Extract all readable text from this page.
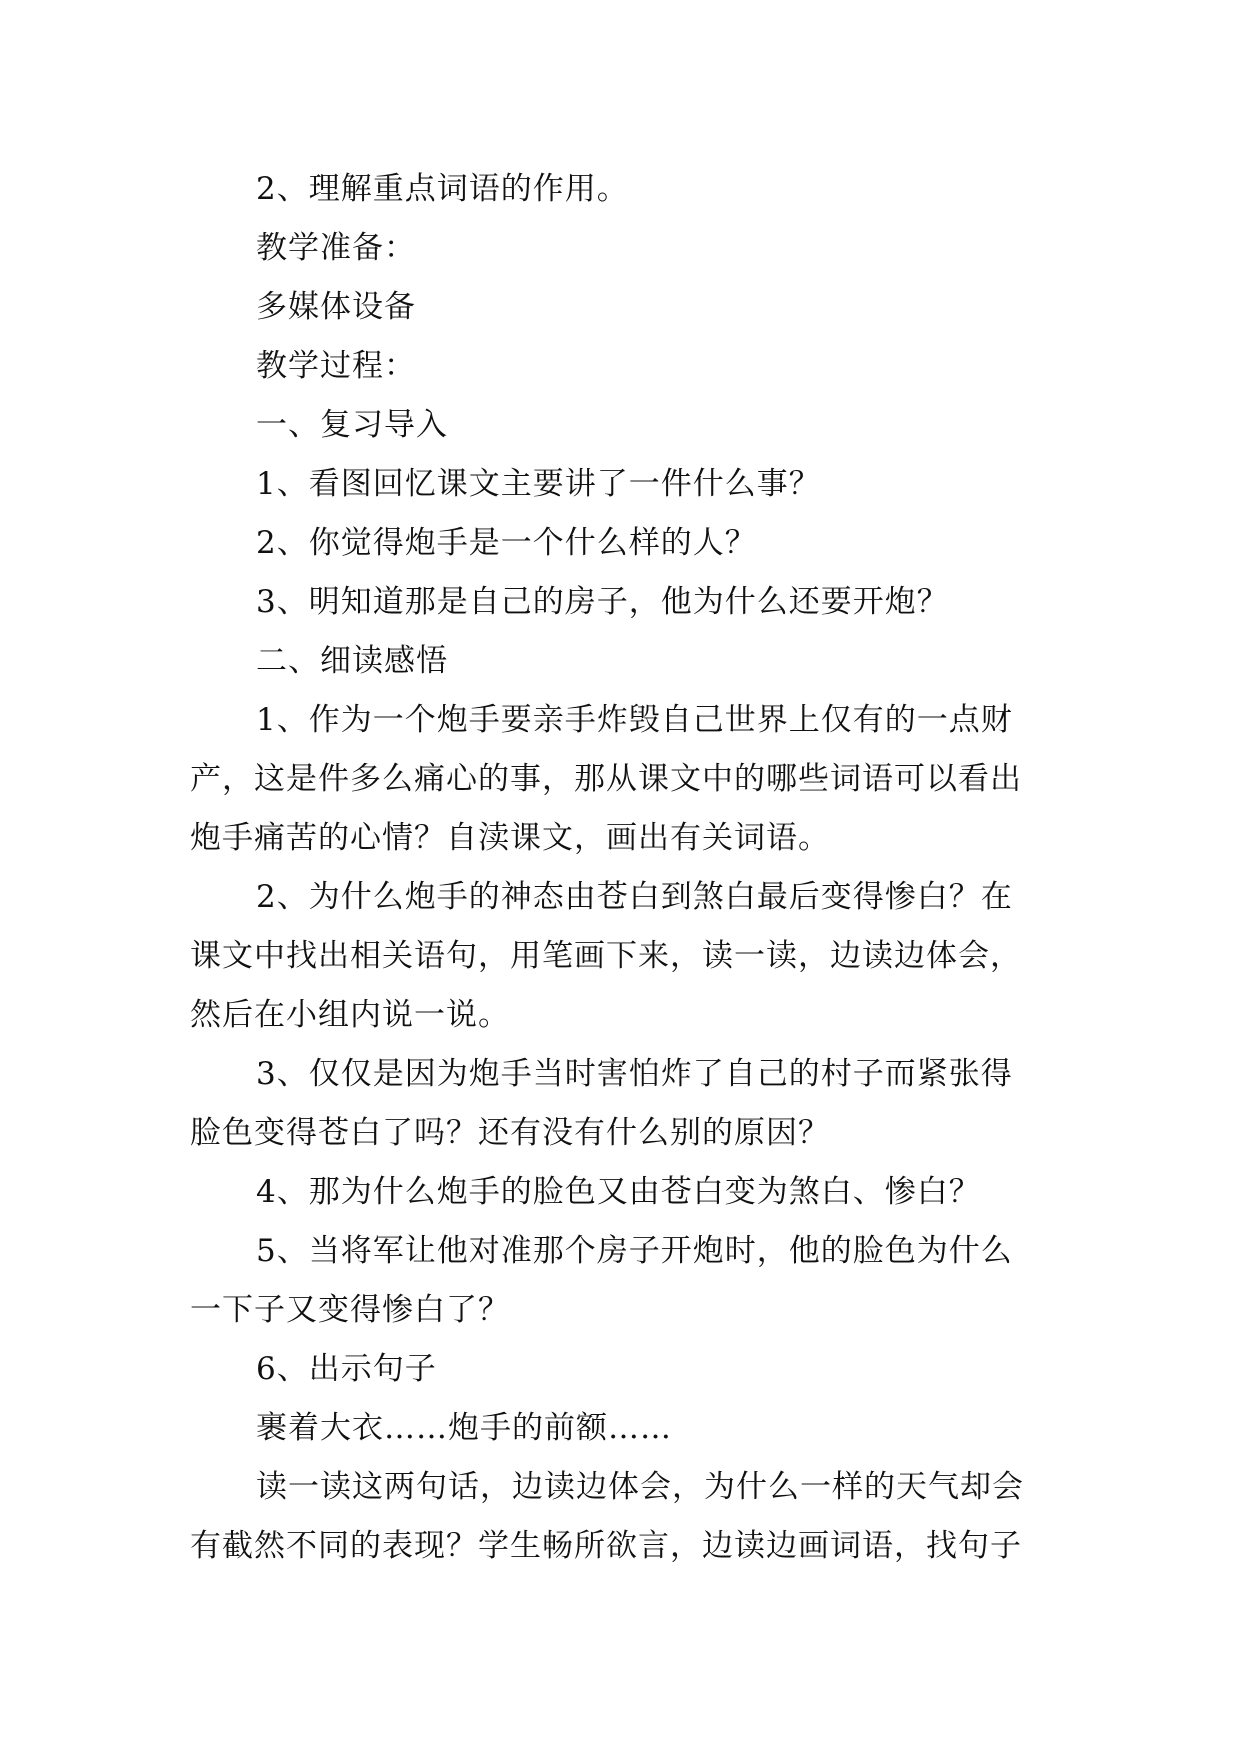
2、理解重点词语的作用。
教学准备：
多媒体设备
教学过程：
一、复习导入
1、看图回忆课文主要讲了一件什么事？
2、你觉得炮手是一个什么样的人？
3、明知道那是自己的房子，他为什么还要开炮？
二、细读感悟
1、作为一个炮手要亲手炸毁自己世界上仅有的一点财
产，这是件多么痛心的事，那从课文中的哪些词语可以看出
炮手痛苦的心情？自渎课文，画出有关词语。
2、为什么炮手的神态由苍白到煞白最后变得惨白？在
课文中找出相关语句，用笔画下来，读一读，边读边体会，
然后在小组内说一说。
3、仅仅是因为炮手当时害怕炸了自己的村子而紧张得
脸色变得苍白了吗？还有没有什么别的原因？
4、那为什么炮手的脸色又由苍白变为煞白、惨白？
5、当将军让他对准那个房子开炮时，他的脸色为什么
一下子又变得惨白了？
6、出示句子
裹着大衣……炮手的前额……
读一读这两句话，边读边体会，为什么一样的天气却会
有截然不同的表现？学生畅所欲言，边读边画词语，找句子
